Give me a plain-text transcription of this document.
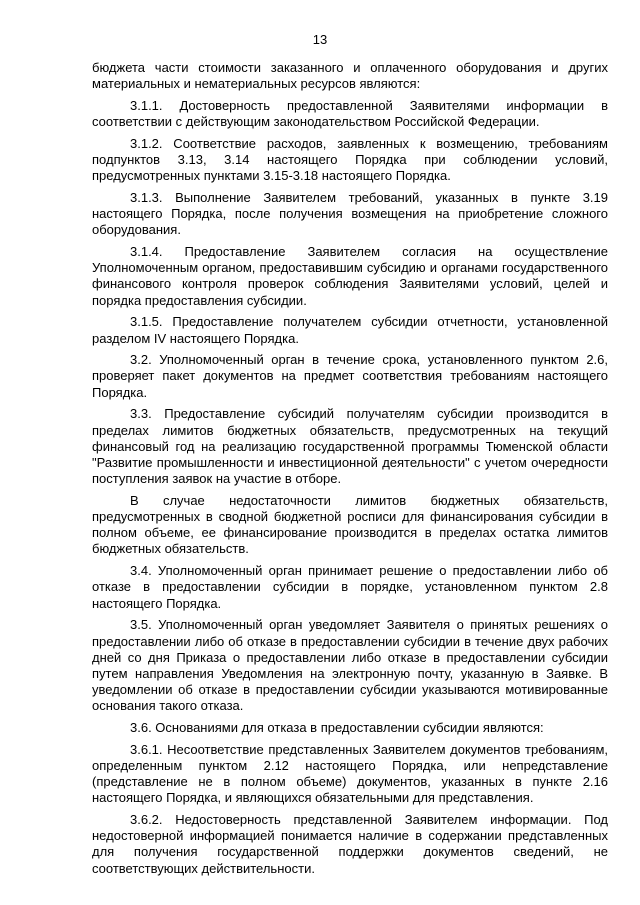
13

бюджета части стоимости заказанного и оплаченного оборудования и других материальных и нематериальных ресурсов являются:

3.1.1. Достоверность предоставленной Заявителями информации в соответствии с действующим законодательством Российской Федерации.

3.1.2. Соответствие расходов, заявленных к возмещению, требованиям подпунктов 3.13, 3.14 настоящего Порядка при соблюдении условий, предусмотренных пунктами 3.15-3.18 настоящего Порядка.

3.1.3. Выполнение Заявителем требований, указанных в пункте 3.19 настоящего Порядка, после получения возмещения на приобретение сложного оборудования.

3.1.4. Предоставление Заявителем согласия на осуществление Уполномоченным органом, предоставившим субсидию и органами государственного финансового контроля проверок соблюдения Заявителями условий, целей и порядка предоставления субсидии.

3.1.5. Предоставление получателем субсидии отчетности, установленной разделом IV настоящего Порядка.

3.2. Уполномоченный орган в течение срока, установленного пунктом 2.6, проверяет пакет документов на предмет соответствия требованиям настоящего Порядка.

3.3. Предоставление субсидий получателям субсидии производится в пределах лимитов бюджетных обязательств, предусмотренных на текущий финансовый год на реализацию государственной программы Тюменской области "Развитие промышленности и инвестиционной деятельности" с учетом очередности поступления заявок на участие в отборе.

В случае недостаточности лимитов бюджетных обязательств, предусмотренных в сводной бюджетной росписи для финансирования субсидии в полном объеме, ее финансирование производится в пределах остатка лимитов бюджетных обязательств.

3.4. Уполномоченный орган принимает решение о предоставлении либо об отказе в предоставлении субсидии в порядке, установленном пунктом 2.8 настоящего Порядка.

3.5. Уполномоченный орган уведомляет Заявителя о принятых решениях о предоставлении либо об отказе в предоставлении субсидии в течение двух рабочих дней со дня Приказа о предоставлении либо отказе в предоставлении субсидии путем направления Уведомления на электронную почту, указанную в Заявке. В уведомлении об отказе в предоставлении субсидии указываются мотивированные основания такого отказа.

3.6. Основаниями для отказа в предоставлении субсидии являются:

3.6.1. Несоответствие представленных Заявителем документов требованиям, определенным пунктом 2.12 настоящего Порядка, или непредставление (представление не в полном объеме) документов, указанных в пункте 2.16 настоящего Порядка, и являющихся обязательными для представления.

3.6.2. Недостоверность представленной Заявителем информации. Под недостоверной информацией понимается наличие в содержании представленных для получения государственной поддержки документов сведений, не соответствующих действительности.
